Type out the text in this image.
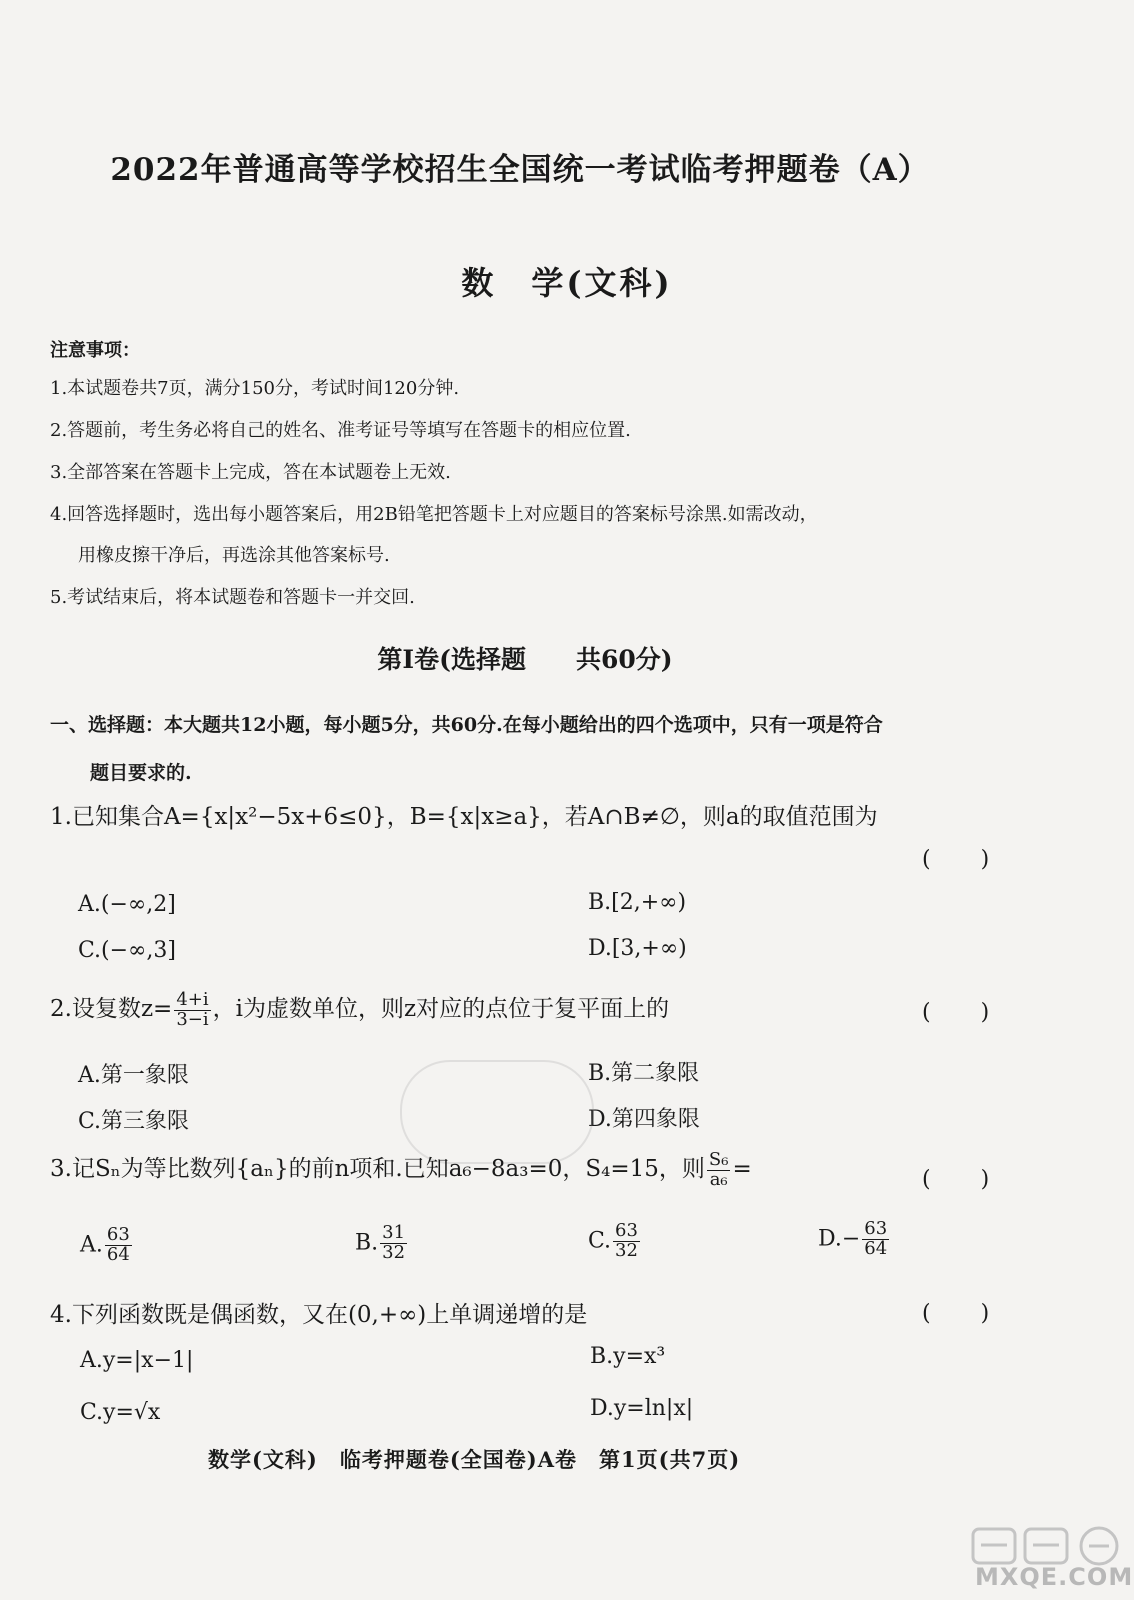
2022年普通高等学校招生全国统一考试临考押题卷（A）
数　学(文科)
注意事项：
1.本试题卷共7页，满分150分，考试时间120分钟.
2.答题前，考生务必将自己的姓名、准考证号等填写在答题卡的相应位置.
3.全部答案在答题卡上完成，答在本试题卷上无效.
4.回答选择题时，选出每小题答案后，用2B铅笔把答题卡上对应题目的答案标号涂黑.如需改动，
用橡皮擦干净后，再选涂其他答案标号.
5.考试结束后，将本试题卷和答题卡一并交回.
第Ⅰ卷(选择题　　共60分)
一、选择题：本大题共12小题，每小题5分，共60分.在每小题给出的四个选项中，只有一项是符合
题目要求的.
1.已知集合A={x|x²−5x+6≤0}，B={x|x≥a}，若A∩B≠∅，则a的取值范围为
(　　)
A.(−∞,2]	B.[2,+∞)
C.(−∞,3]	D.[3,+∞)
2.设复数$z= \frac{4+i}{3-i}$ ，i为虚数单位，则z对应的点位于复平面上的	(　　)
A.第一象限	B.第二象限
C.第三象限	D.第四象限
3.记Sₙ为等比数列{aₙ}的前n项和.已知a₆−8a₃=0，S₄=15，则 $\frac{\text{S₆}}{\text{a₆}}$ =	(　　)
A. $\frac{63}{64}$	B. $\frac{31}{32}$	C. $\frac{63}{32}$	$D.- \frac{63}{64}$
4.下列函数既是偶函数，又在(0,+∞)上单调递增的是	(　　)
A.y=|x−1|	B.y=x³
C.y=√x	D.y=ln|x|
数学(文科)　临考押题卷(全国卷)A卷　第1页(共7页)
MXQE.COM
